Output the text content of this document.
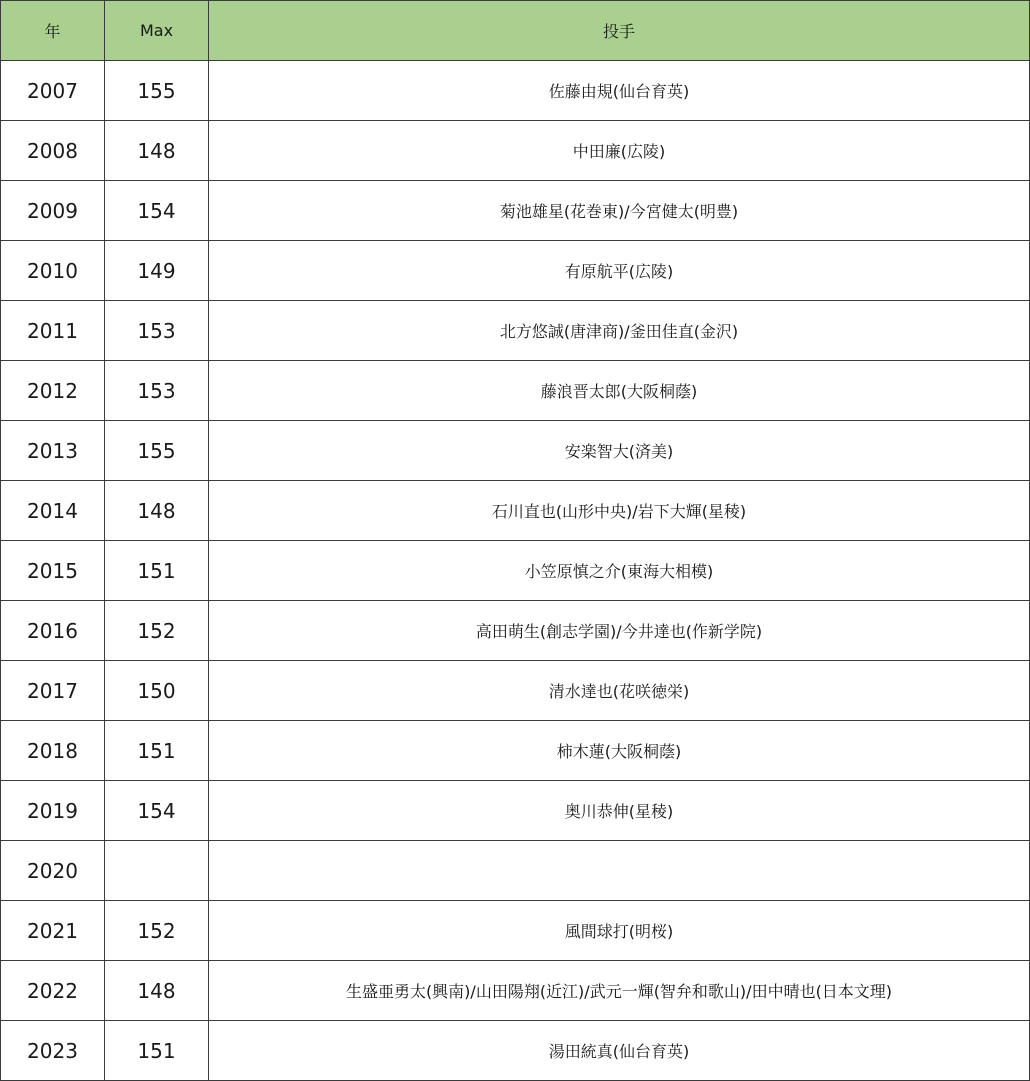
年	Max	投手
2007	155	佐藤由規(仙台育英)
2008	148	中田廉(広陵)
2009	154	菊池雄星(花巻東)/今宮健太(明豊)
2010	149	有原航平(広陵)
2011	153	北方悠誠(唐津商)/釜田佳直(金沢)
2012	153	藤浪晋太郎(大阪桐蔭)
2013	155	安楽智大(済美)
2014	148	石川直也(山形中央)/岩下大輝(星稜)
2015	151	小笠原慎之介(東海大相模)
2016	152	高田萌生(創志学園)/今井達也(作新学院)
2017	150	清水達也(花咲徳栄)
2018	151	柿木蓮(大阪桐蔭)
2019	154	奥川恭伸(星稜)
2020		
2021	152	風間球打(明桜)
2022	148	生盛亜勇太(興南)/山田陽翔(近江)/武元一輝(智弁和歌山)/田中晴也(日本文理)
2023	151	湯田統真(仙台育英)
